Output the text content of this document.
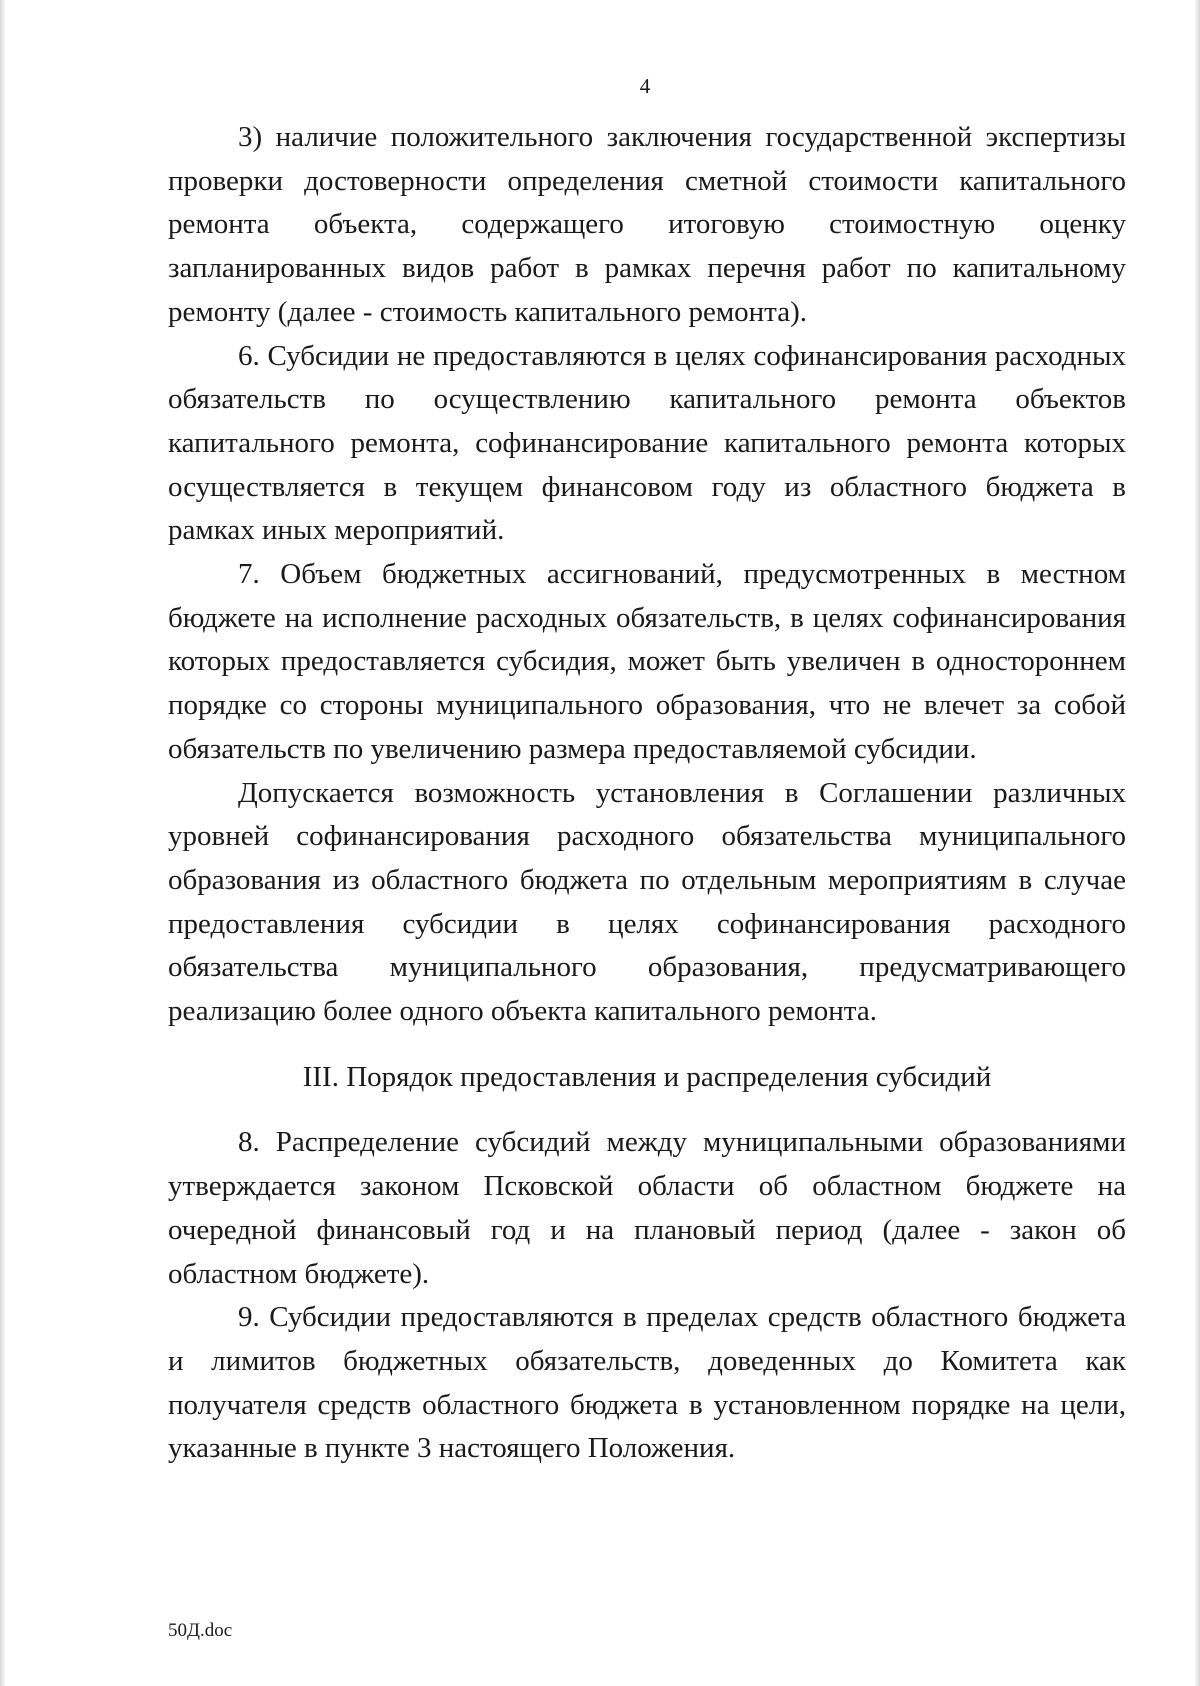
4

3) наличие положительного заключения государственной экспертизы проверки достоверности определения сметной стоимости капитального ремонта объекта, содержащего итоговую стоимостную оценку запланированных видов работ в рамках перечня работ по капитальному ремонту (далее - стоимость капитального ремонта).

6. Субсидии не предоставляются в целях софинансирования расходных обязательств по осуществлению капитального ремонта объектов капитального ремонта, софинансирование капитального ремонта которых осуществляется в текущем финансовом году из областного бюджета в рамках иных мероприятий.

7. Объем бюджетных ассигнований, предусмотренных в местном бюджете на исполнение расходных обязательств, в целях софинансирования которых предоставляется субсидия, может быть увеличен в одностороннем порядке со стороны муниципального образования, что не влечет за собой обязательств по увеличению размера предоставляемой субсидии.

Допускается возможность установления в Соглашении различных уровней софинансирования расходного обязательства муниципального образования из областного бюджета по отдельным мероприятиям в случае предоставления субсидии в целях софинансирования расходного обязательства муниципального образования, предусматривающего реализацию более одного объекта капитального ремонта.

III. Порядок предоставления и распределения субсидий

8. Распределение субсидий между муниципальными образованиями утверждается законом Псковской области об областном бюджете на очередной финансовый год и на плановый период (далее - закон об областном бюджете).

9. Субсидии предоставляются в пределах средств областного бюджета и лимитов бюджетных обязательств, доведенных до Комитета как получателя средств областного бюджета в установленном порядке на цели, указанные в пункте 3 настоящего Положения.

50Д.doc
